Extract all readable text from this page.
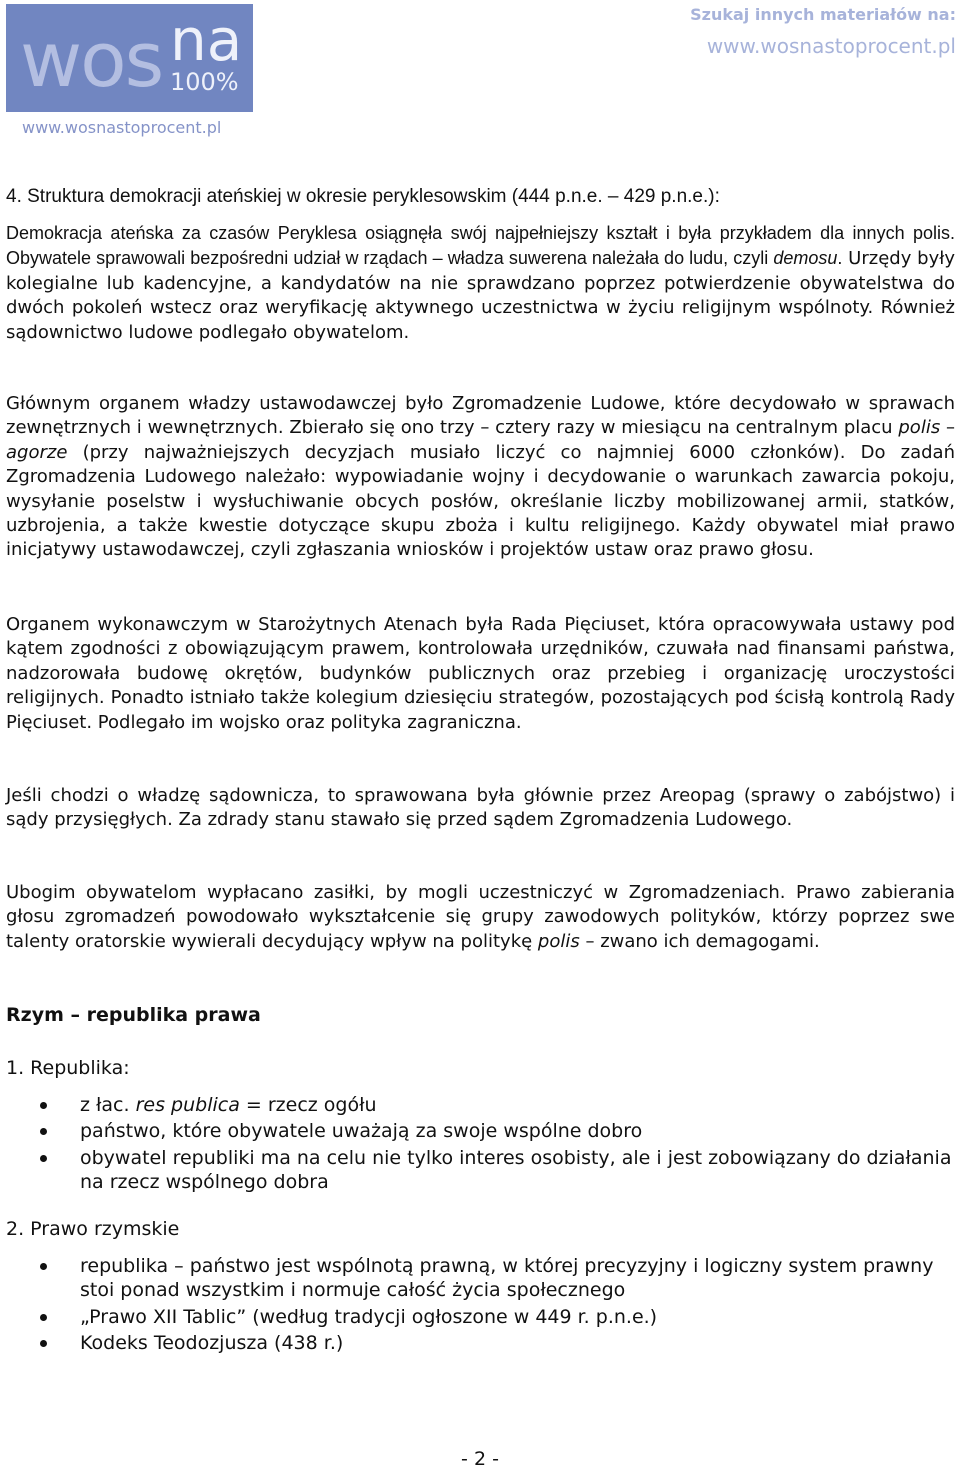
wos na
100%
www.wosnastoprocent.pl
Szukaj innych materiałów na:
www.wosnastoprocent.pl
4. Struktura demokracji ateńskiej w okresie peryklesowskim (444 p.n.e. – 429 p.n.e.):

Demokracja ateńska za czasów Peryklesa osiągnęła swój najpełniejszy kształt i była przykładem dla innych polis. Obywatele sprawowali bezpośredni udział w rządach – władza suwerena należała do ludu, czyli demosu. Urzędy były kolegialne lub kadencyjne, a kandydatów na nie sprawdzano poprzez potwierdzenie obywatelstwa do dwóch pokoleń wstecz oraz weryfikację aktywnego uczestnictwa w życiu religijnym wspólnoty. Również sądownictwo ludowe podlegało obywatelom.

Głównym organem władzy ustawodawczej było Zgromadzenie Ludowe, które decydowało w sprawach zewnętrznych i wewnętrznych. Zbierało się ono trzy – cztery razy w miesiącu na centralnym placu polis – agorze (przy najważniejszych decyzjach musiało liczyć co najmniej 6000 członków). Do zadań Zgromadzenia Ludowego należało: wypowiadanie wojny i decydowanie o warunkach zawarcia pokoju, wysyłanie poselstw i wysłuchiwanie obcych posłów, określanie liczby mobilizowanej armii, statków, uzbrojenia, a także kwestie dotyczące skupu zboża i kultu religijnego. Każdy obywatel miał prawo inicjatywy ustawodawczej, czyli zgłaszania wniosków i projektów ustaw oraz prawo głosu.

Organem wykonawczym w Starożytnych Atenach była Rada Pięciuset, która opracowywała ustawy pod kątem zgodności z obowiązującym prawem, kontrolowała urzędników, czuwała nad finansami państwa, nadzorowała budowę okrętów, budynków publicznych oraz przebieg i organizację uroczystości religijnych. Ponadto istniało także kolegium dziesięciu strategów, pozostających pod ścisłą kontrolą Rady Pięciuset. Podlegało im wojsko oraz polityka zagraniczna.

Jeśli chodzi o władzę sądownicza, to sprawowana była głównie przez Areopag (sprawy o zabójstwo) i sądy przysięgłych. Za zdrady stanu stawało się przed sądem Zgromadzenia Ludowego.

Ubogim obywatelom wypłacano zasiłki, by mogli uczestniczyć w Zgromadzeniach. Prawo zabierania głosu zgromadzeń powodowało wykształcenie się grupy zawodowych polityków, którzy poprzez swe talenty oratorskie wywierali decydujący wpływ na politykę polis – zwano ich demagogami.

Rzym – republika prawa
1. Republika:
z łac. res publica = rzecz ogółu
państwo, które obywatele uważają za swoje wspólne dobro
obywatel republiki ma na celu nie tylko interes osobisty, ale i jest zobowiązany do działania na rzecz wspólnego dobra
2. Prawo rzymskie
republika – państwo jest wspólnotą prawną, w której precyzyjny i logiczny system prawny stoi ponad wszystkim i normuje całość życia społecznego
„Prawo XII Tablic” (według tradycji ogłoszone w 449 r. p.n.e.)
Kodeks Teodozjusza (438 r.)
- 2 -
